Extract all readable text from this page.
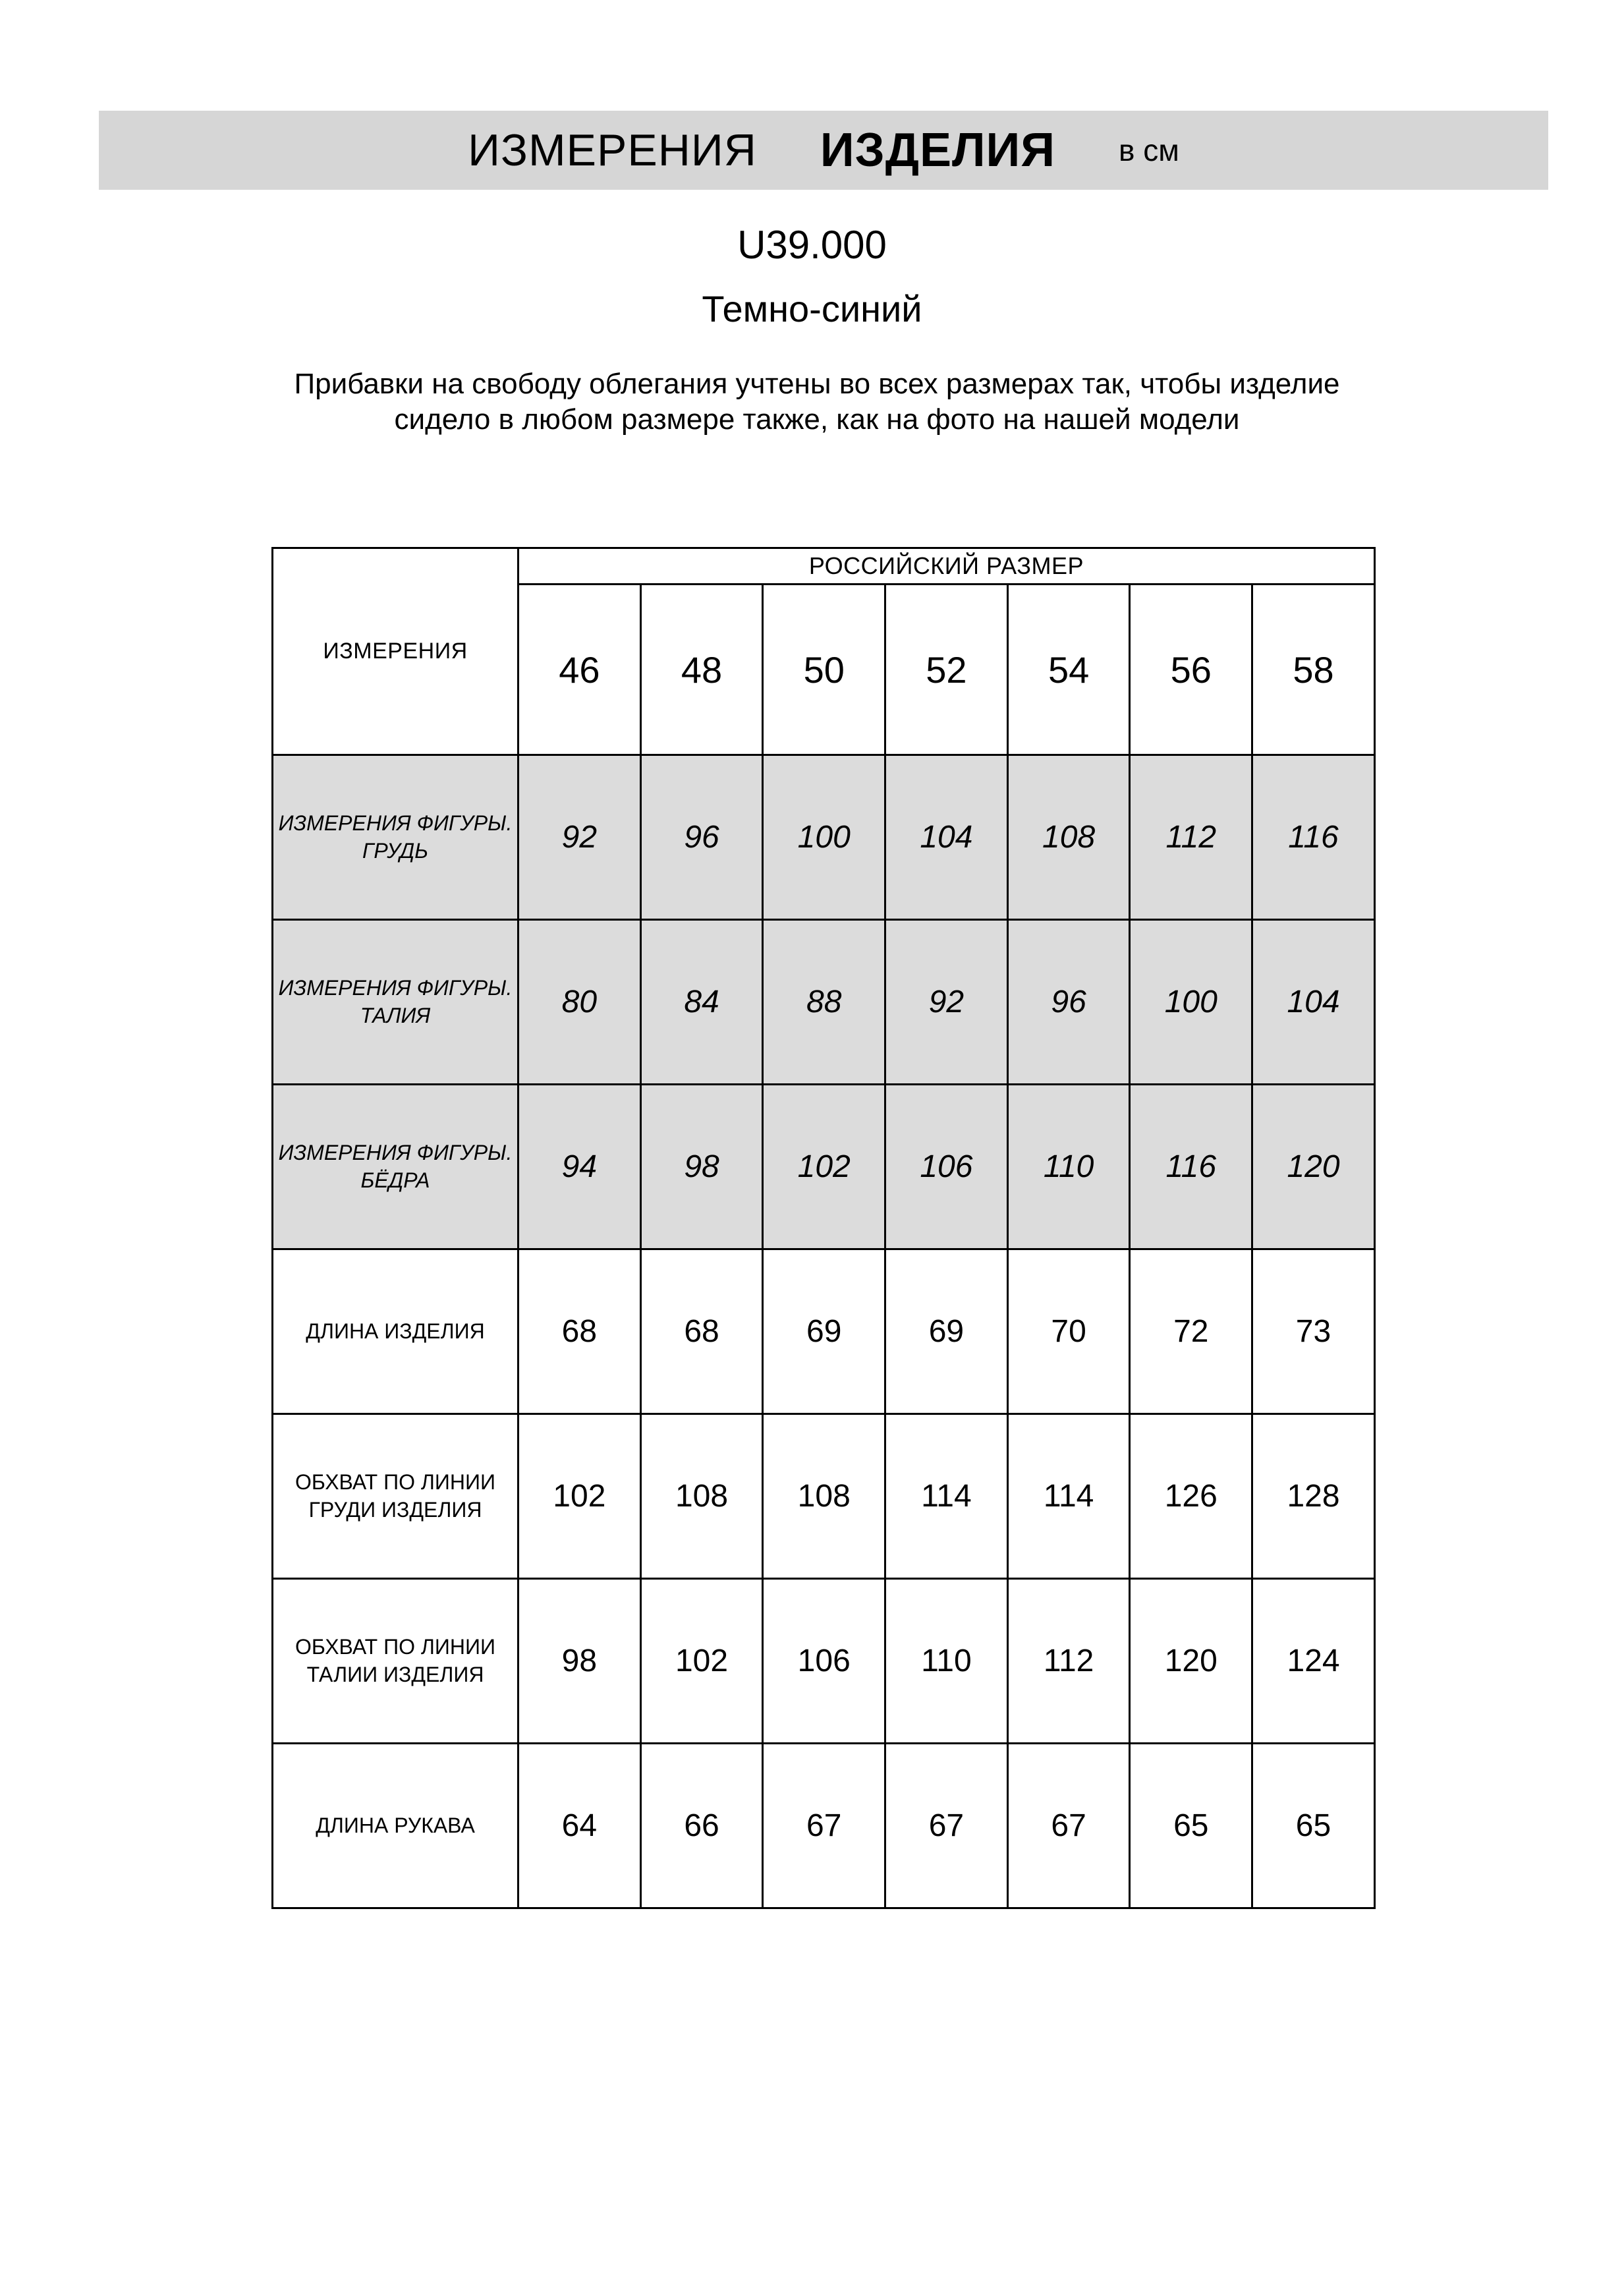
ИЗМЕРЕНИЯ ИЗДЕЛИЯ в см
U39.000
Темно-синий
Прибавки на свободу облегания учтены во всех размерах так, чтобы изделие сидело в любом размере также, как на фото на нашей модели
ИЗМЕРЕНИЯ	РОССИЙСКИЙ РАЗМЕР						
	46	48	50	52	54	56	58
ИЗМЕРЕНИЯ ФИГУРЫ. ГРУДЬ	92	96	100	104	108	112	116
ИЗМЕРЕНИЯ ФИГУРЫ. ТАЛИЯ	80	84	88	92	96	100	104
ИЗМЕРЕНИЯ ФИГУРЫ. БЁДРА	94	98	102	106	110	116	120
ДЛИНА ИЗДЕЛИЯ	68	68	69	69	70	72	73
ОБХВАТ ПО ЛИНИИ ГРУДИ ИЗДЕЛИЯ	102	108	108	114	114	126	128
ОБХВАТ ПО ЛИНИИ ТАЛИИ ИЗДЕЛИЯ	98	102	106	110	112	120	124
ДЛИНА РУКАВА	64	66	67	67	67	65	65
